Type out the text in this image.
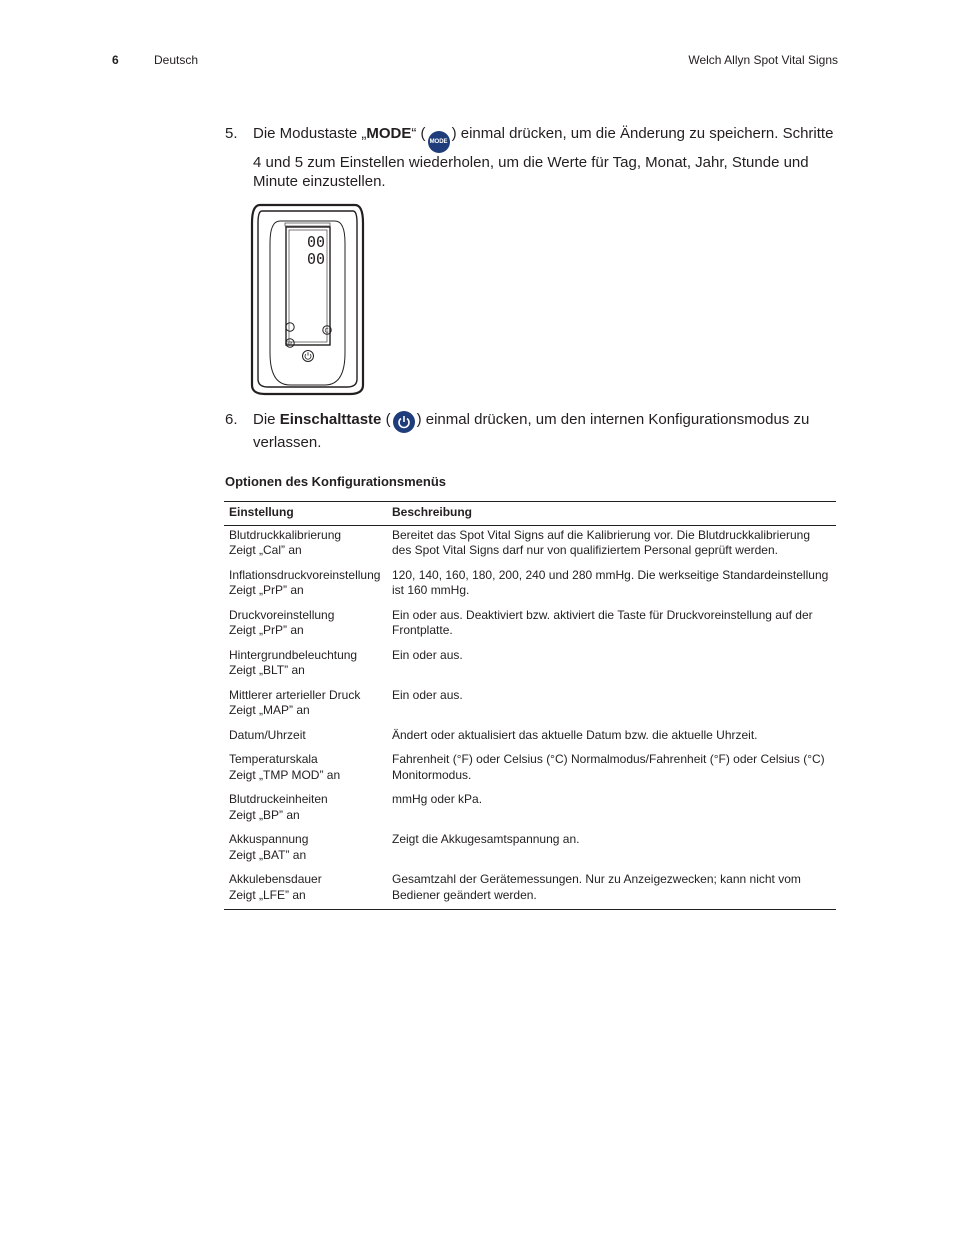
6	Deutsch	Welch Allyn Spot Vital Signs
5. Die Modustaste „MODE“ ( MODE ) einmal drücken, um die Änderung zu speichern. Schritte 4 und 5 zum Einstellen wiederholen, um die Werte für Tag, Monat, Jahr, Stunde und Minute einzustellen.
00
00
C
BP
6. Die Einschalttaste ( ) einmal drücken, um den internen Konfigurationsmodus zu verlassen.
Optionen des Konfigurationsmenüs
Einstellung	Beschreibung

Blutdruckkalibrierung
Zeigt „Cal” an	Bereitet das Spot Vital Signs auf die Kalibrierung vor. Die Blutdruckkalibrierung des Spot Vital Signs darf nur von qualifiziertem Personal geprüft werden.

Inflationsdruckvoreinstellung
Zeigt „PrP” an	120, 140, 160, 180, 200, 240 und 280 mmHg. Die werkseitige Standardeinstellung ist 160 mmHg.

Druckvoreinstellung
Zeigt „PrP” an	Ein oder aus. Deaktiviert bzw. aktiviert die Taste für Druckvoreinstellung auf der Frontplatte.

Hintergrundbeleuchtung
Zeigt „BLT” an	Ein oder aus.

Mittlerer arterieller Druck
Zeigt „MAP” an	Ein oder aus.

Datum/Uhrzeit	Ändert oder aktualisiert das aktuelle Datum bzw. die aktuelle Uhrzeit.

Temperaturskala
Zeigt „TMP MOD” an	Fahrenheit (°F) oder Celsius (°C) Normalmodus/Fahrenheit (°F) oder Celsius (°C) Monitormodus.

Blutdruckeinheiten
Zeigt „BP” an	mmHg oder kPa.

Akkuspannung
Zeigt „BAT” an	Zeigt die Akkugesamtspannung an.

Akkulebensdauer
Zeigt „LFE” an	Gesamtzahl der Gerätemessungen. Nur zu Anzeigezwecken; kann nicht vom Bediener geändert werden.
